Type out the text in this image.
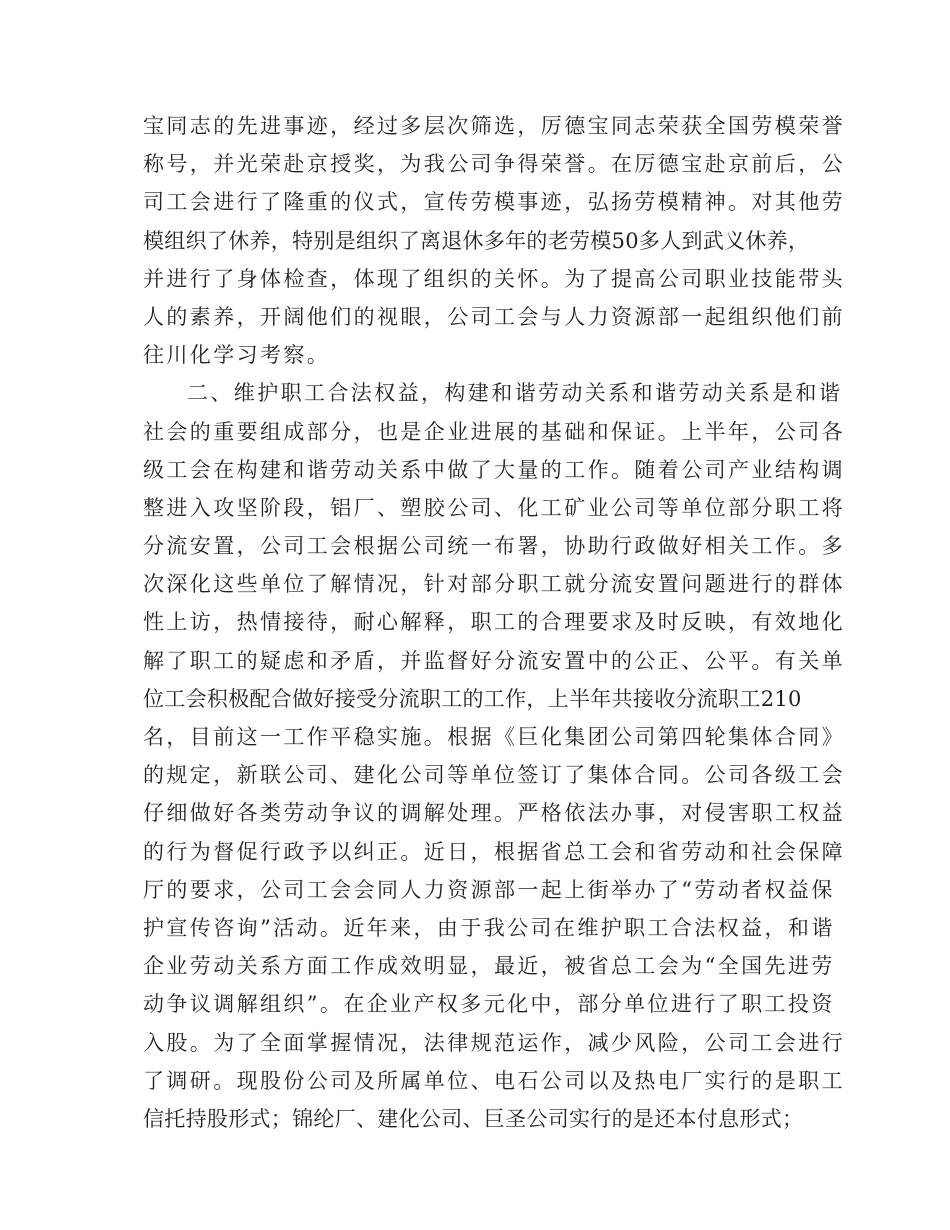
宝同志的先进事迹，经过多层次筛选，厉德宝同志荣获全国劳模荣誉
称号，并光荣赴京授奖，为我公司争得荣誉。在厉德宝赴京前后，公
司工会进行了隆重的仪式，宣传劳模事迹，弘扬劳模精神。对其他劳
模组织了休养，特别是组织了离退休多年的老劳模50多人到武义休养，
并进行了身体检查，体现了组织的关怀。为了提高公司职业技能带头
人的素养，开阔他们的视眼，公司工会与人力资源部一起组织他们前
往川化学习考察。
二、维护职工合法权益，构建和谐劳动关系和谐劳动关系是和谐
社会的重要组成部分，也是企业进展的基础和保证。上半年，公司各
级工会在构建和谐劳动关系中做了大量的工作。随着公司产业结构调
整进入攻坚阶段，铝厂、塑胶公司、化工矿业公司等单位部分职工将
分流安置，公司工会根据公司统一布署，协助行政做好相关工作。多
次深化这些单位了解情况，针对部分职工就分流安置问题进行的群体
性上访，热情接待，耐心解释，职工的合理要求及时反映，有效地化
解了职工的疑虑和矛盾，并监督好分流安置中的公正、公平。有关单
位工会积极配合做好接受分流职工的工作，上半年共接收分流职工210
名，目前这一工作平稳实施。根据《巨化集团公司第四轮集体合同》
的规定，新联公司、建化公司等单位签订了集体合同。公司各级工会
仔细做好各类劳动争议的调解处理。严格依法办事，对侵害职工权益
的行为督促行政予以纠正。近日，根据省总工会和省劳动和社会保障
厅的要求，公司工会会同人力资源部一起上街举办了“劳动者权益保
护宣传咨询”活动。近年来，由于我公司在维护职工合法权益，和谐
企业劳动关系方面工作成效明显，最近，被省总工会为“全国先进劳
动争议调解组织”。在企业产权多元化中，部分单位进行了职工投资
入股。为了全面掌握情况，法律规范运作，减少风险，公司工会进行
了调研。现股份公司及所属单位、电石公司以及热电厂实行的是职工
信托持股形式；锦纶厂、建化公司、巨圣公司实行的是还本付息形式；
